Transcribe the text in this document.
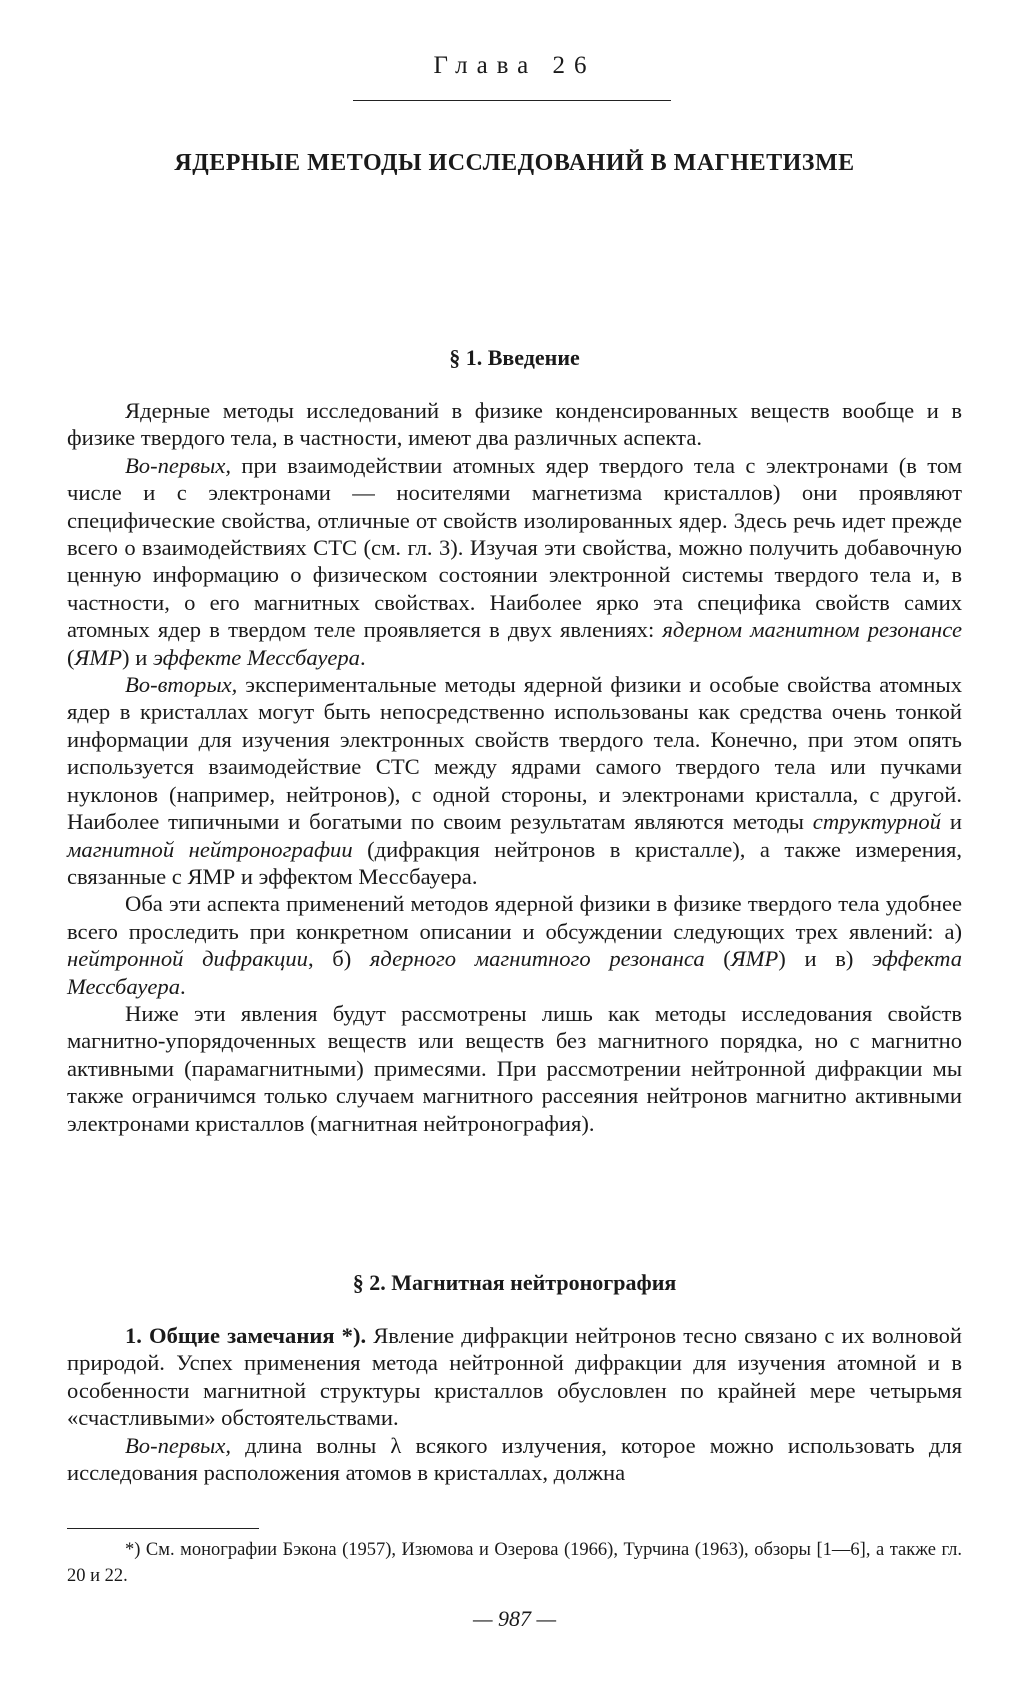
Глава 26
ЯДЕРНЫЕ МЕТОДЫ ИССЛЕДОВАНИЙ В МАГНЕТИЗМЕ
§ 1. Введение

Ядерные методы исследований в физике конденсированных веществ вообще и в физике твердого тела, в частности, имеют два различных аспекта.

Во-первых, при взаимодействии атомных ядер твердого тела с электронами (в том числе и с электронами — носителями магнетизма кристаллов) они проявляют специфические свойства, отличные от свойств изолированных ядер. Здесь речь идет прежде всего о взаимодействиях СТС (см. гл. 3). Изучая эти свойства, можно получить добавочную ценную информацию о физическом состоянии электронной системы твердого тела и, в частности, о его магнитных свойствах. Наиболее ярко эта специфика свойств самих атомных ядер в твердом теле проявляется в двух явлениях: ядерном магнитном резонансе (ЯМР) и эффекте Мессбауера.

Во-вторых, экспериментальные методы ядерной физики и особые свойства атомных ядер в кристаллах могут быть непосредственно использованы как средства очень тонкой информации для изучения электронных свойств твердого тела. Конечно, при этом опять используется взаимодействие СТС между ядрами самого твердого тела или пучками нуклонов (например, нейтронов), с одной стороны, и электронами кристалла, с другой. Наиболее типичными и богатыми по своим результатам являются методы структурной и магнитной нейтронографии (дифракция нейтронов в кристалле), а также измерения, связанные с ЯМР и эффектом Мессбауера.

Оба эти аспекта применений методов ядерной физики в физике твердого тела удобнее всего проследить при конкретном описании и обсуждении следующих трех явлений: а) нейтронной дифракции, б) ядерного магнитного резонанса (ЯМР) и в) эффекта Мессбауера.

Ниже эти явления будут рассмотрены лишь как методы исследования свойств магнитно-упорядоченных веществ или веществ без магнитного порядка, но с магнитно активными (парамагнитными) примесями. При рассмотрении нейтронной дифракции мы также ограничимся только случаем магнитного рассеяния нейтронов магнитно активными электронами кристаллов (магнитная нейтронография).

§ 2. Магнитная нейтронография

1. Общие замечания *). Явление дифракции нейтронов тесно связано с их волновой природой. Успех применения метода нейтронной дифракции для изучения атомной и в особенности магнитной структуры кристаллов обусловлен по крайней мере четырьмя «счастливыми» обстоятельствами.

Во-первых, длина волны λ всякого излучения, которое можно использовать для исследования расположения атомов в кристаллах, должна

*) См. монографии Бэкона (1957), Изюмова и Озерова (1966), Турчина (1963), обзоры [1—6], а также гл. 20 и 22.

— 987 —
